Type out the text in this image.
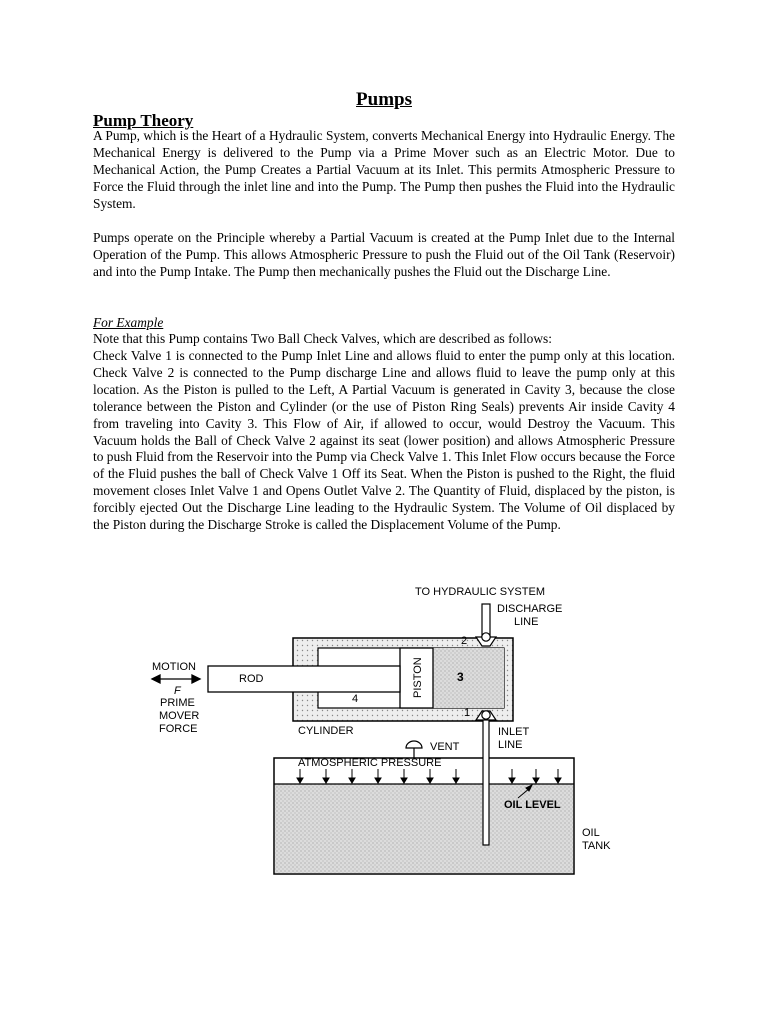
Pumps
Pump Theory

A Pump, which is the Heart of a Hydraulic System, converts Mechanical Energy into Hydraulic Energy. The Mechanical Energy is delivered to the Pump via a Prime Mover such as an Electric Motor. Due to Mechanical Action, the Pump Creates a Partial Vacuum at its Inlet. This permits Atmospheric Pressure to Force the Fluid through the inlet line and into the Pump. The Pump then pushes the Fluid into the Hydraulic System.

Pumps operate on the Principle whereby a Partial Vacuum is created at the Pump Inlet due to the Internal Operation of the Pump. This allows Atmospheric Pressure to push the Fluid out of the Oil Tank (Reservoir) and into the Pump Intake. The Pump then mechanically pushes the Fluid out the Discharge Line.

For Example

Note that this Pump contains Two Ball Check Valves, which are described as follows:

Check Valve 1 is connected to the Pump Inlet Line and allows fluid to enter the pump only at this location. Check Valve 2 is connected to the Pump discharge Line and allows fluid to leave the pump only at this location. As the Piston is pulled to the Left, A Partial Vacuum is generated in Cavity 3, because the close tolerance between the Piston and Cylinder (or the use of Piston Ring Seals) prevents Air inside Cavity 4 from traveling into Cavity 3. This Flow of Air, if allowed to occur, would Destroy the Vacuum. This Vacuum holds the Ball of Check Valve 2 against its seat (lower position) and allows Atmospheric Pressure to push Fluid from the Reservoir into the Pump via Check Valve 1. This Inlet Flow occurs because the Force of the Fluid pushes the ball of Check Valve 1 Off its Seat. When the Piston is pushed to the Right, the fluid movement closes Inlet Valve 1 and Opens Outlet Valve 2. The Quantity of Fluid, displaced by the piston, is forcibly ejected Out the Discharge Line leading to the Hydraulic System. The Volume of Oil displaced by the Piston during the Discharge Stroke is called the Displacement Volume of the Pump.

TO HYDRAULIC SYSTEM
DISCHARGE
LINE
2
1
MOTION
F
PRIME
MOVER
FORCE
ROD	PISTON	3
4
CYLINDER	INLET
LINE
VENT
ATMOSPHERIC PRESSURE
OIL LEVEL
OIL
TANK
